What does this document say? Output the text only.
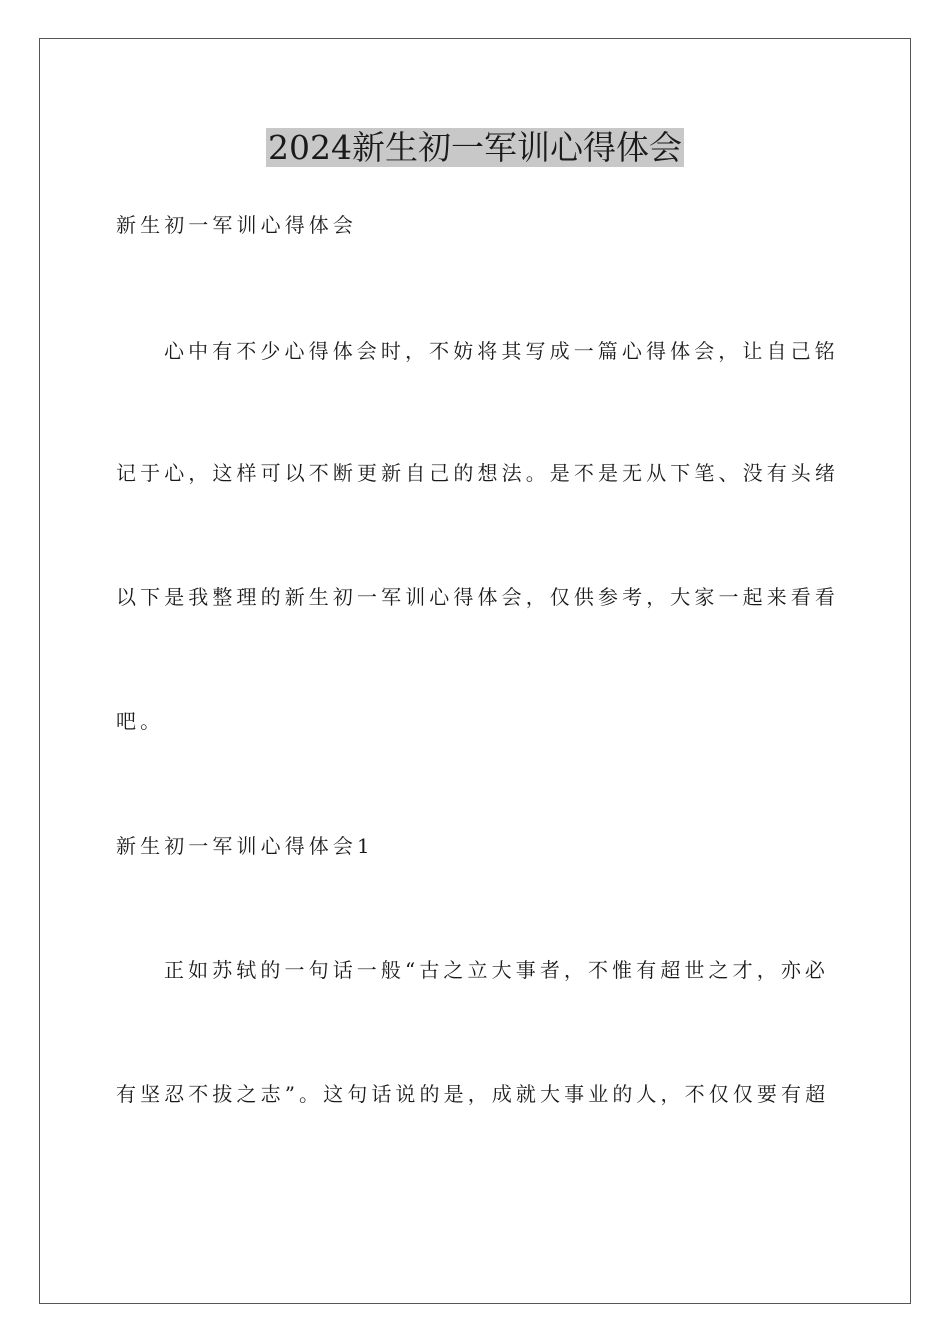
2024新生初一军训心得体会
新生初一军训心得体会
心中有不少心得体会时，不妨将其写成一篇心得体会，让自己铭
记于心，这样可以不断更新自己的想法。是不是无从下笔、没有头绪
以下是我整理的新生初一军训心得体会，仅供参考，大家一起来看看
吧。
新生初一军训心得体会1
正如苏轼的一句话一般“古之立大事者，不惟有超世之才，亦必
有坚忍不拔之志”。这句话说的是，成就大事业的人，不仅仅要有超
